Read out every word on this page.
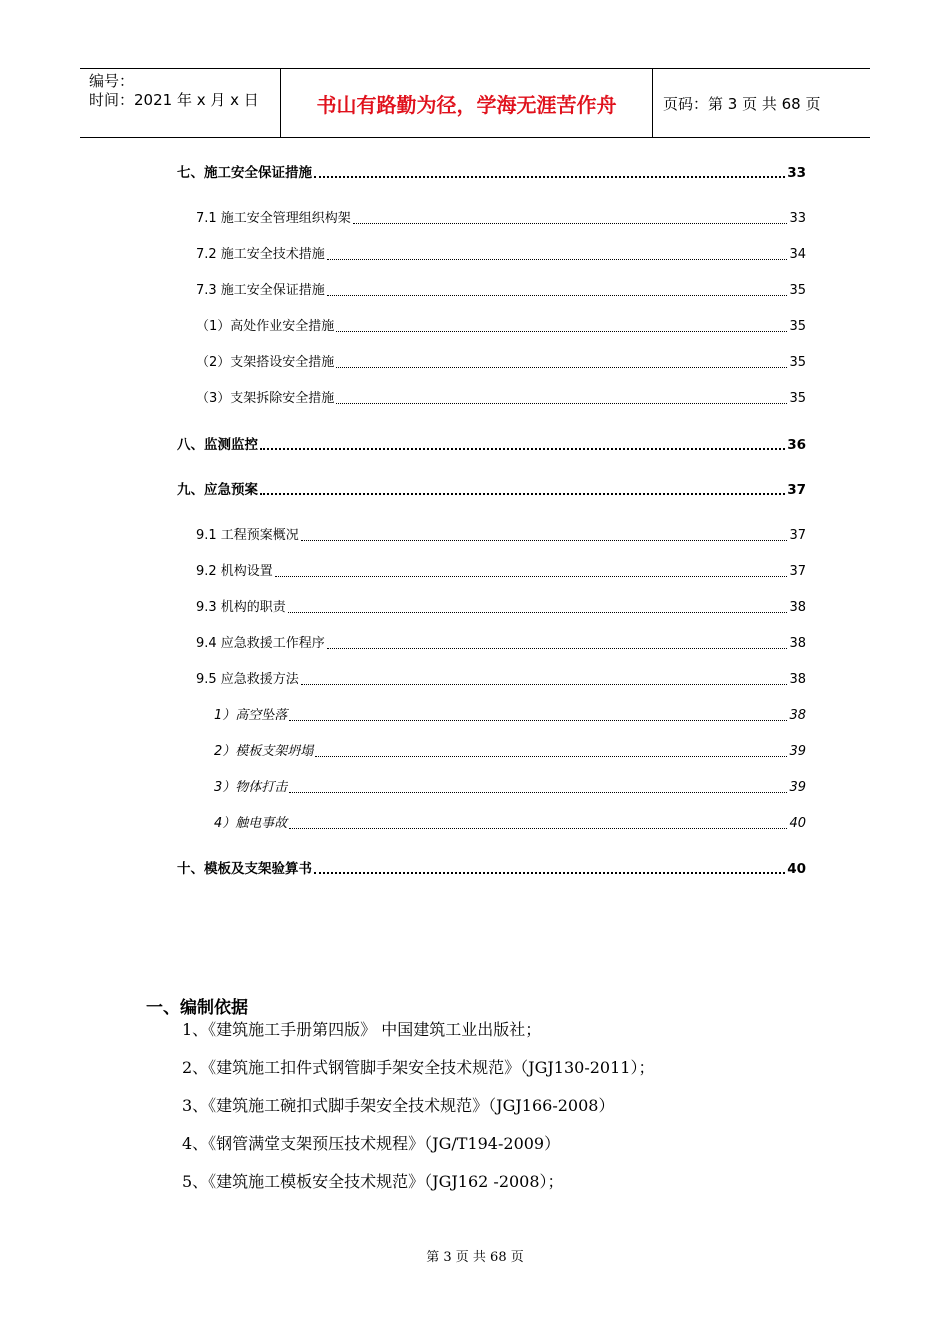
编号：
时间：2021 年 x 月 x 日	书山有路勤为径，学海无涯苦作舟	页码：第 3 页 共 68 页
七、施工安全保证措施	33
7.1 施工安全管理组织构架	33
7.2 施工安全技术措施	34
7.3 施工安全保证措施	35
（1）高处作业安全措施	35
（2）支架搭设安全措施	35
（3）支架拆除安全措施	35
八、监测监控	36
九、应急预案	37
9.1 工程预案概况	37
9.2 机构设置	37
9.3 机构的职责	38
9.4 应急救援工作程序	38
9.5 应急救援方法	38
1）高空坠落	38
2）模板支架坍塌	39
3）物体打击	39
4）触电事故	40
十、模板及支架验算书	40
一、编制依据
1、《建筑施工手册第四版》 中国建筑工业出版社；
2、《建筑施工扣件式钢管脚手架安全技术规范》（JGJ130-2011）；
3、《建筑施工碗扣式脚手架安全技术规范》（JGJ166-2008）
4、《钢管满堂支架预压技术规程》（JG/T194-2009）
5、《建筑施工模板安全技术规范》（JGJ162 -2008）；
第 3 页 共 68 页
